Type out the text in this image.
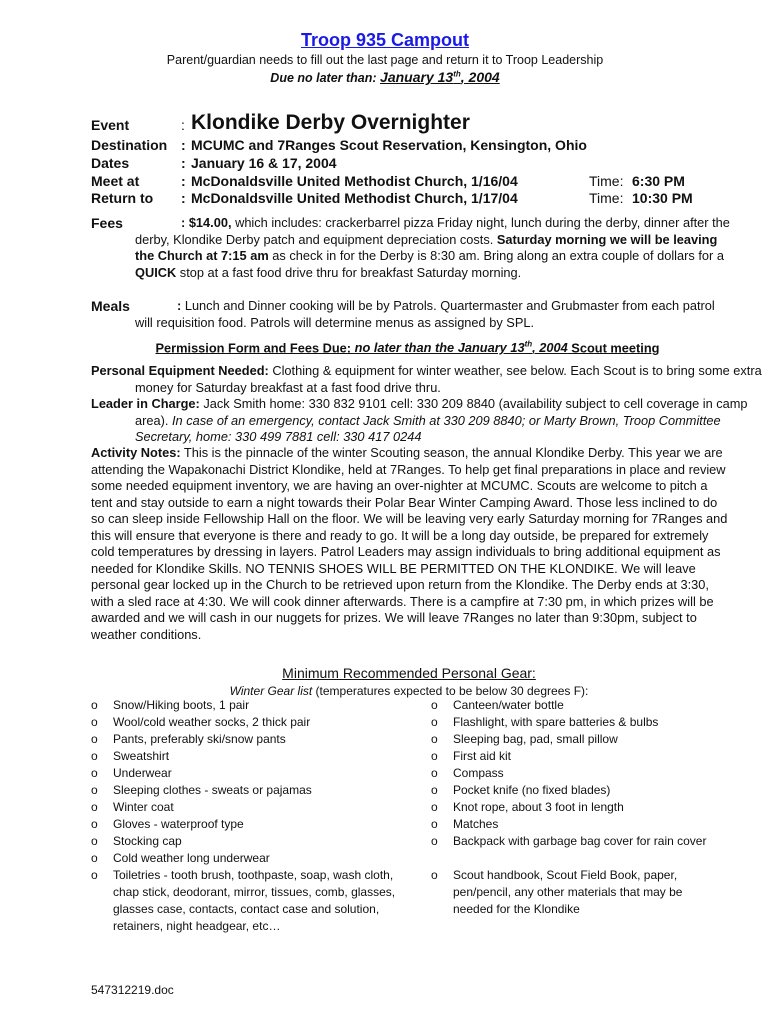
Troop 935 Campout
Parent/guardian needs to fill out the last page and return it to Troop Leadership
Due no later than: January 13th, 2004
Event	: Klondike Derby Overnighter
Destination : MCUMC and 7Ranges Scout Reservation, Kensington, Ohio
Dates	: January 16 & 17, 2004
Meet at	: McDonaldsville United Methodist Church, 1/16/04	Time: 6:30 PM
Return to : McDonaldsville United Methodist Church, 1/17/04	Time: 10:30 PM
Fees	: $14.00, which includes: crackerbarrel pizza Friday night, lunch during the derby, dinner after the derby, Klondike Derby patch and equipment depreciation costs. Saturday morning we will be leaving the Church at 7:15 am as check in for the Derby is 8:30 am. Bring along an extra couple of dollars for a QUICK stop at a fast food drive thru for breakfast Saturday morning.
Meals	: Lunch and Dinner cooking will be by Patrols. Quartermaster and Grubmaster from each patrol will requisition food. Patrols will determine menus as assigned by SPL.
Permission Form and Fees Due: no later than the January 13th, 2004 Scout meeting
Personal Equipment Needed: Clothing & equipment for winter weather, see below. Each Scout is to bring some extra money for Saturday breakfast at a fast food drive thru.
Leader in Charge: Jack Smith home: 330 832 9101 cell: 330 209 8840 (availability subject to cell coverage in camp area). In case of an emergency, contact Jack Smith at 330 209 8840; or Marty Brown, Troop Committee Secretary, home: 330 499 7881 cell: 330 417 0244
Activity Notes: This is the pinnacle of the winter Scouting season, the annual Klondike Derby. This year we are attending the Wapakonachi District Klondike, held at 7Ranges. To help get final preparations in place and review some needed equipment inventory, we are having an over-nighter at MCUMC. Scouts are welcome to pitch a tent and stay outside to earn a night towards their Polar Bear Winter Camping Award. Those less inclined to do so can sleep inside Fellowship Hall on the floor. We will be leaving very early Saturday morning for 7Ranges and this will ensure that everyone is there and ready to go. It will be a long day outside, be prepared for extremely cold temperatures by dressing in layers. Patrol Leaders may assign individuals to bring additional equipment as needed for Klondike Skills. NO TENNIS SHOES WILL BE PERMITTED ON THE KLONDIKE. We will leave personal gear locked up in the Church to be retrieved upon return from the Klondike. The Derby ends at 3:30, with a sled race at 4:30. We will cook dinner afterwards. There is a campfire at 7:30 pm, in which prizes will be awarded and we will cash in our nuggets for prizes. We will leave 7Ranges no later than 9:30pm, subject to weather conditions.
Minimum Recommended Personal Gear:
Winter Gear list (temperatures expected to be below 30 degrees F):
o Snow/Hiking boots, 1 pair
o Wool/cold weather socks, 2 thick pair
o Pants, preferably ski/snow pants
o Sweatshirt
o Underwear
o Sleeping clothes - sweats or pajamas
o Winter coat
o Gloves - waterproof type
o Stocking cap
o Cold weather long underwear
o Toiletries - tooth brush, toothpaste, soap, wash cloth, chap stick, deodorant, mirror, tissues, comb, glasses, glasses case, contacts, contact case and solution, retainers, night headgear, etc…
o Canteen/water bottle
o Flashlight, with spare batteries & bulbs
o Sleeping bag, pad, small pillow
o First aid kit
o Compass
o Pocket knife (no fixed blades)
o Knot rope, about 3 foot in length
o Matches
o Backpack with garbage bag cover for rain cover
o Scout handbook, Scout Field Book, paper, pen/pencil, any other materials that may be needed for the Klondike
547312219.doc
